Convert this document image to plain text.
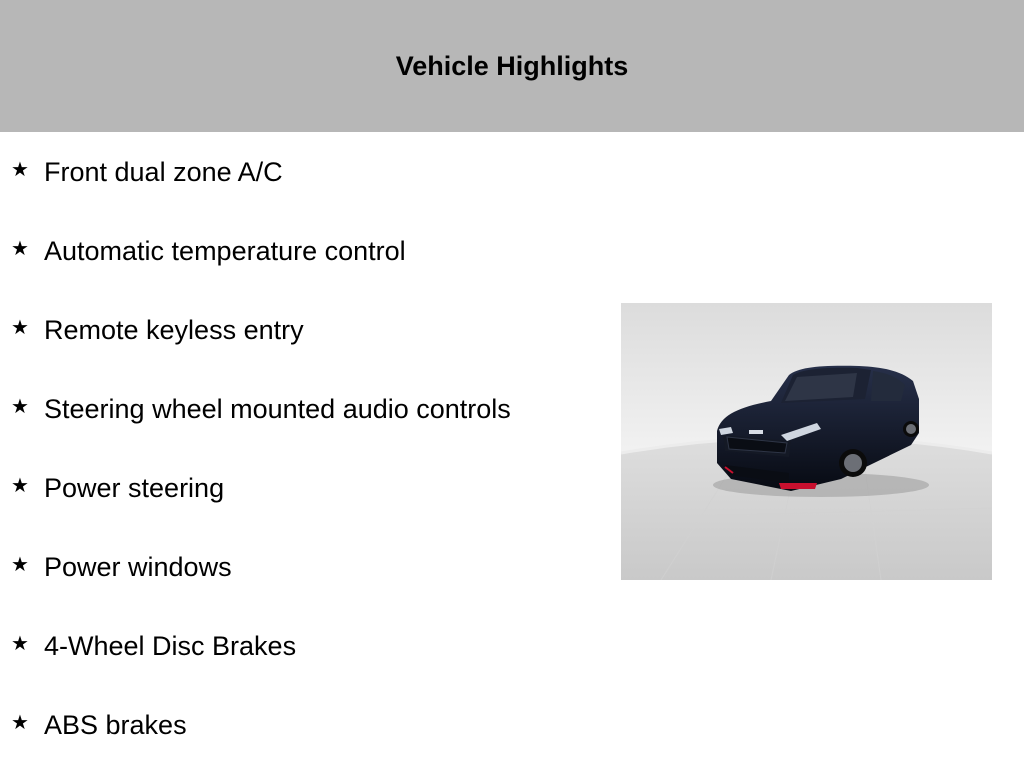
Vehicle Highlights
★ Front dual zone A/C
★ Automatic temperature control
★ Remote keyless entry
★ Steering wheel mounted audio controls
★ Power steering
★ Power windows
★ 4-Wheel Disc Brakes
★ ABS brakes
